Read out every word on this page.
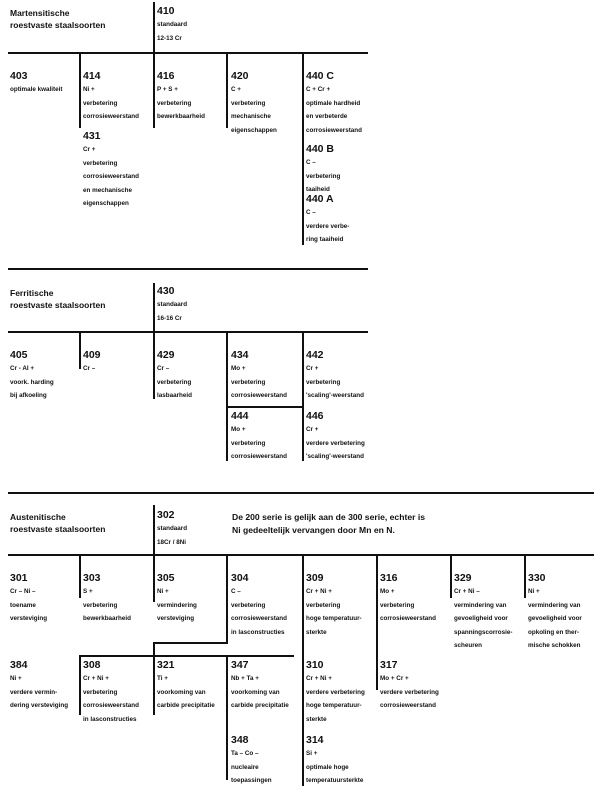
Martensitische
roestvaste staalsoorten
Ferritische
roestvaste staalsoorten
Austenitische
roestvaste staalsoorten
De 200 serie is gelijk aan de 300 serie, echter is
Ni gedeeltelijk vervangen door Mn en N.
410
standaard
12-13 Cr
403
optimale kwaliteit
414
Ni +
verbetering
corrosieweerstand
431
Cr +
verbetering
corrosieweerstand
en mechanische
eigenschappen
416
P + S +
verbetering
bewerkbaarheid
420
C +
verbetering
mechanische
eigenschappen
440 C
C + Cr +
optimale hardheid
en verbeterde
corrosieweerstand
440 B
C –
verbetering
taaiheid
440 A
C –
verdere verbe-
ring taaiheid
430
standaard
16-16 Cr
405
Cr - Al +
voork. harding
bij afkoeling
409
Cr –
429
Cr –
verbetering
lasbaarheid
434
Mo +
verbetering
corrosieweerstand
444
Mo +
verbetering
corrosieweerstand
442
Cr +
verbetering
'scaling'-weerstand
446
Cr +
verdere verbetering
'scaling'-weerstand
302
standaard
18Cr / 8Ni
301
Cr – Ni –
toename
versteviging
303
S +
verbetering
bewerkbaarheid
305
Ni +
vermindering
versteviging
304
C –
verbetering
corrosieweerstand
in lasconstructies
309
Cr + Ni +
verbetering
hoge temperatuur-
sterkte
316
Mo +
verbetering
corrosieweerstand
329
Cr + Ni –
vermindering van
gevoeligheid voor
spanningscorrosie-
scheuren
330
Ni +
vermindering van
gevoeligheid voor
opkoling en ther-
mische schokken
384
Ni +
verdere vermin-
dering versteviging
308
Cr + Ni +
verbetering
corrosieweerstand
in lasconstructies
321
Ti +
voorkoming van
carbide precipitatie
347
Nb + Ta +
voorkoming van
carbide precipitatie
348
Ta – Co –
nucleaire
toepassingen
310
Cr + Ni +
verdere verbetering
hoge temperatuur-
sterkte
314
Si +
optimale hoge
temperatuursterkte
317
Mo + Cr +
verdere verbetering
corrosieweerstand
